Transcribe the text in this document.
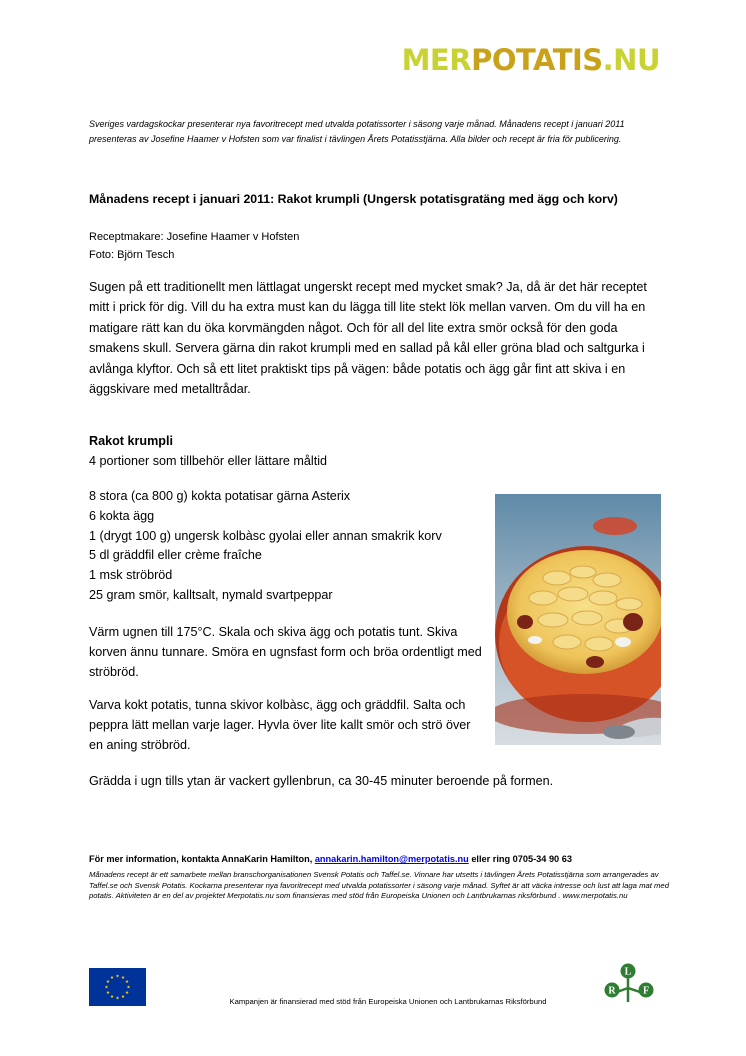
MERPOTATIS.NU
Sveriges vardagskockar presenterar nya favoritrecept med utvalda potatissorter i säsong varje månad. Månadens recept i januari 2011 presenteras av Josefine Haamer v Hofsten som var finalist i tävlingen Årets Potatisstjärna. Alla bilder och recept är fria för publicering.
Månadens recept i januari 2011: Rakot krumpli (Ungersk potatisgratäng med ägg och korv)
Receptmakare: Josefine Haamer v Hofsten
Foto: Björn Tesch
Sugen på ett traditionellt men lättlagat ungerskt recept med mycket smak? Ja, då är det här receptet mitt i prick för dig. Vill du ha extra must kan du lägga till lite stekt lök mellan varven. Om du vill ha en matigare rätt kan du öka korvmängden något. Och för all del lite extra smör också för den goda smakens skull. Servera gärna din rakot krumpli med en sallad på kål eller gröna blad och saltgurka i avlånga klyftor. Och så ett litet praktiskt tips på vägen: både potatis och ägg går fint att skiva i en äggskivare med metalltrådar.
Rakot krumpli
4 portioner som tillbehör eller lättare måltid
8 stora (ca 800 g) kokta potatisar gärna Asterix
6 kokta ägg
1 (drygt 100 g) ungersk kolbàsc gyolai eller annan smakrik korv
5 dl gräddfil eller crème fraîche
1 msk ströbröd
25 gram smör, kalltsalt, nymald svartpeppar
Värm ugnen till 175°C. Skala och skiva ägg och potatis tunt. Skiva korven ännu tunnare. Smöra en ugnsfast form och bröa ordentligt med ströbröd.
Varva kokt potatis, tunna skivor kolbàsc, ägg och gräddfil. Salta och peppra lätt mellan varje lager. Hyvla över lite kallt smör och strö över en aning ströbröd.
Grädda i ugn tills ytan är vackert gyllenbrun, ca 30-45 minuter beroende på formen.
För mer information, kontakta AnnaKarin Hamilton, annakarin.hamilton@merpotatis.nu eller ring 0705-34 90 63
Månadens recept är ett samarbete mellan branschorganisationen Svensk Potatis och Taffel.se. Vinnare har utsetts i tävlingen Årets Potatisstjärna som arrangerades av Taffel.se och Svensk Potatis. Kockarna presenterar nya favoritrecept med utvalda potatissorter i säsong varje månad. Syftet är att väcka intresse och lust att laga mat med potatis. Aktiviteten är en del av projektet Merpotatis.nu som finansieras med stöd från Europeiska Unionen och Lantbrukarnas riksförbund . www.merpotatis.nu
L
R	F
Kampanjen är finansierad med stöd från Europeiska Unionen och Lantbrukarnas Riksförbund
